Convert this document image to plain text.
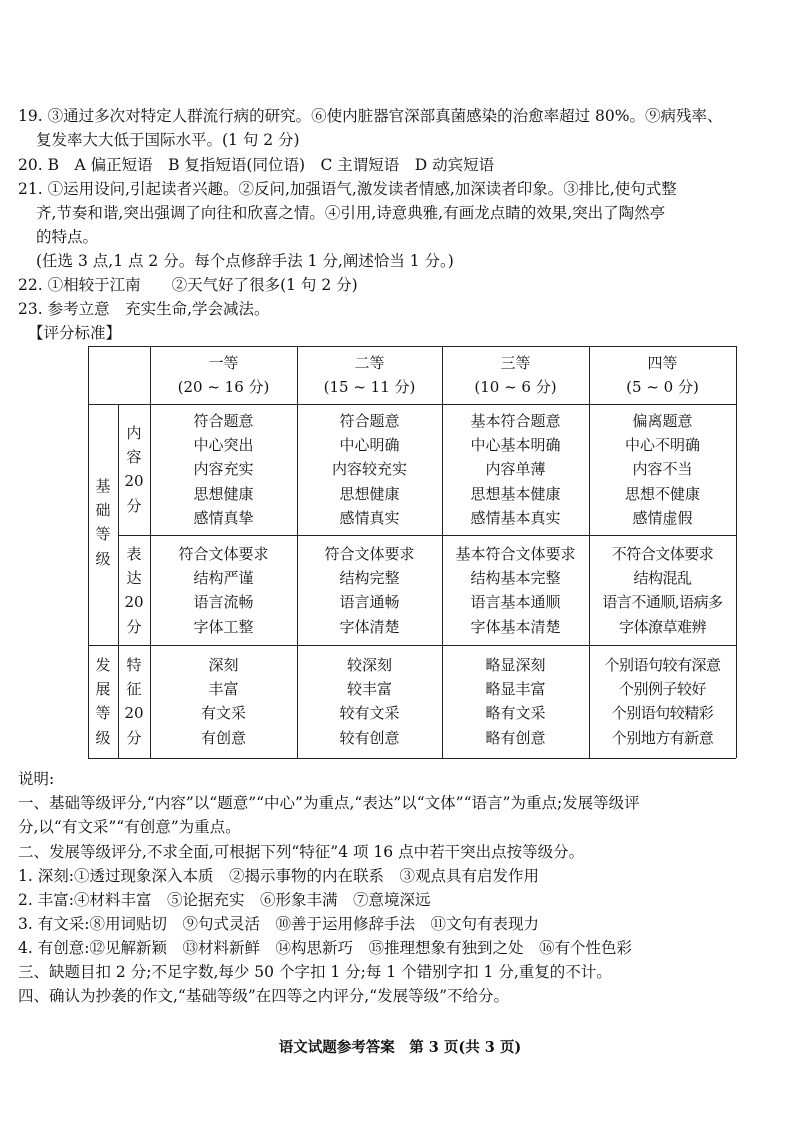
19. ③通过多次对特定人群流行病的研究。⑥使内脏器官深部真菌感染的治愈率超过 80%。⑨病残率、
复发率大大低于国际水平。(1 句 2 分)
20. B　A 偏正短语　B 复指短语(同位语)　C 主谓短语　D 动宾短语
21. ①运用设问,引起读者兴趣。②反问,加强语气,激发读者情感,加深读者印象。③排比,使句式整
齐,节奏和谐,突出强调了向往和欣喜之情。④引用,诗意典雅,有画龙点睛的效果,突出了陶然亭
的特点。
(任选 3 点,1 点 2 分。每个点修辞手法 1 分,阐述恰当 1 分。)
22. ①相较于江南　　②天气好了很多(1 句 2 分)
23. 参考立意　充实生命,学会减法。
【评分标准】
一等
(20 ~ 16 分)
二等
(15 ~ 11 分)
三等
(10 ~ 6 分)
四等
(5 ~ 0 分)
基
础
等
级
发
展
等
级
内
容
20
分
表
达
20
分
特
征
20
分
符合题意
中心突出
内容充实
思想健康
感情真挚
符合题意
中心明确
内容较充实
思想健康
感情真实
基本符合题意
中心基本明确
内容单薄
思想基本健康
感情基本真实
偏离题意
中心不明确
内容不当
思想不健康
感情虚假
符合文体要求
结构严谨
语言流畅
字体工整
符合文体要求
结构完整
语言通畅
字体清楚
基本符合文体要求
结构基本完整
语言基本通顺
字体基本清楚
不符合文体要求
结构混乱
语言不通顺,语病多
字体潦草难辨
深刻
丰富
有文采
有创意
较深刻
较丰富
较有文采
较有创意
略显深刻
略显丰富
略有文采
略有创意
个别语句较有深意
个别例子较好
个别语句较精彩
个别地方有新意
说明:
一、基础等级评分,“内容”以“题意”“中心”为重点,“表达”以“文体”“语言”为重点;发展等级评
分,以“有文采”“有创意”为重点。
二、发展等级评分,不求全面,可根据下列“特征”4 项 16 点中若干突出点按等级分。
1. 深刻:①透过现象深入本质　②揭示事物的内在联系　③观点具有启发作用
2. 丰富:④材料丰富　⑤论据充实　⑥形象丰满　⑦意境深远
3. 有文采:⑧用词贴切　⑨句式灵活　⑩善于运用修辞手法　⑪文句有表现力
4. 有创意:⑫见解新颖　⑬材料新鲜　⑭构思新巧　⑮推理想象有独到之处　⑯有个性色彩
三、缺题目扣 2 分;不足字数,每少 50 个字扣 1 分;每 1 个错别字扣 1 分,重复的不计。
四、确认为抄袭的作文,“基础等级”在四等之内评分,“发展等级”不给分。
语文试题参考答案　第 3 页(共 3 页)
